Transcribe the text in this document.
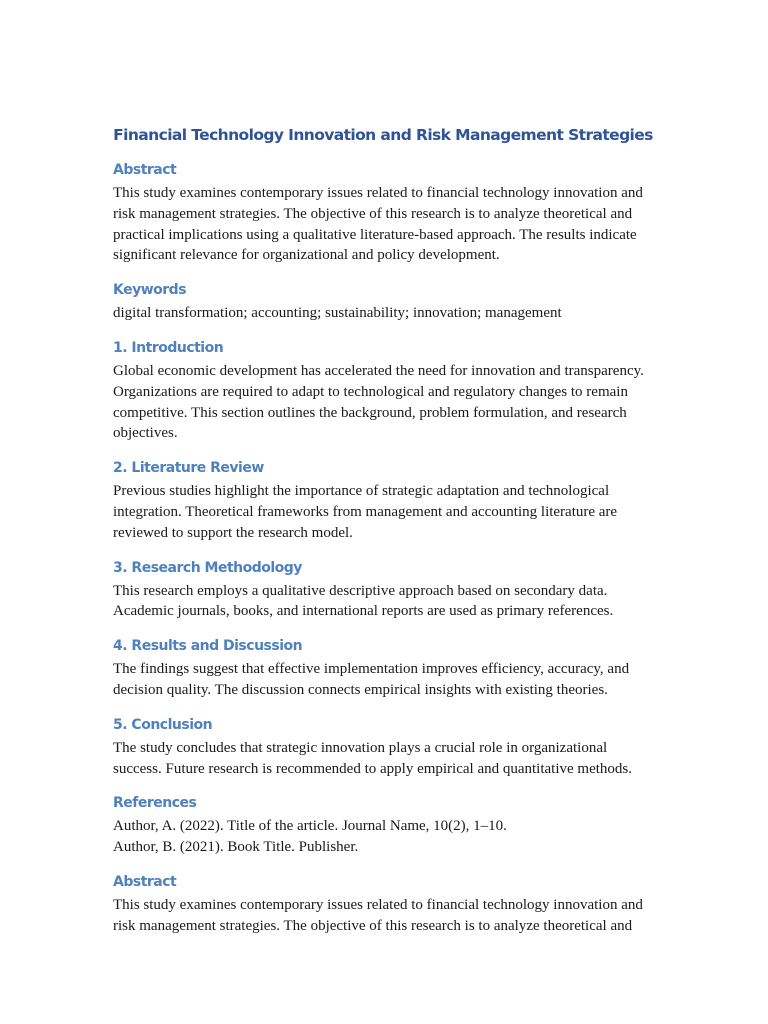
Financial Technology Innovation and Risk Management Strategies
Abstract

This study examines contemporary issues related to financial technology innovation and risk management strategies. The objective of this research is to analyze theoretical and practical implications using a qualitative literature-based approach. The results indicate significant relevance for organizational and policy development.

Keywords

digital transformation; accounting; sustainability; innovation; management

1. Introduction

Global economic development has accelerated the need for innovation and transparency. Organizations are required to adapt to technological and regulatory changes to remain competitive. This section outlines the background, problem formulation, and research objectives.

2. Literature Review

Previous studies highlight the importance of strategic adaptation and technological integration. Theoretical frameworks from management and accounting literature are reviewed to support the research model.

3. Research Methodology

This research employs a qualitative descriptive approach based on secondary data. Academic journals, books, and international reports are used as primary references.

4. Results and Discussion

The findings suggest that effective implementation improves efficiency, accuracy, and decision quality. The discussion connects empirical insights with existing theories.

5. Conclusion

The study concludes that strategic innovation plays a crucial role in organizational success. Future research is recommended to apply empirical and quantitative methods.

References

Author, A. (2022). Title of the article. Journal Name, 10(2), 1–10.

Author, B. (2021). Book Title. Publisher.

Abstract

This study examines contemporary issues related to financial technology innovation and risk management strategies. The objective of this research is to analyze theoretical and
